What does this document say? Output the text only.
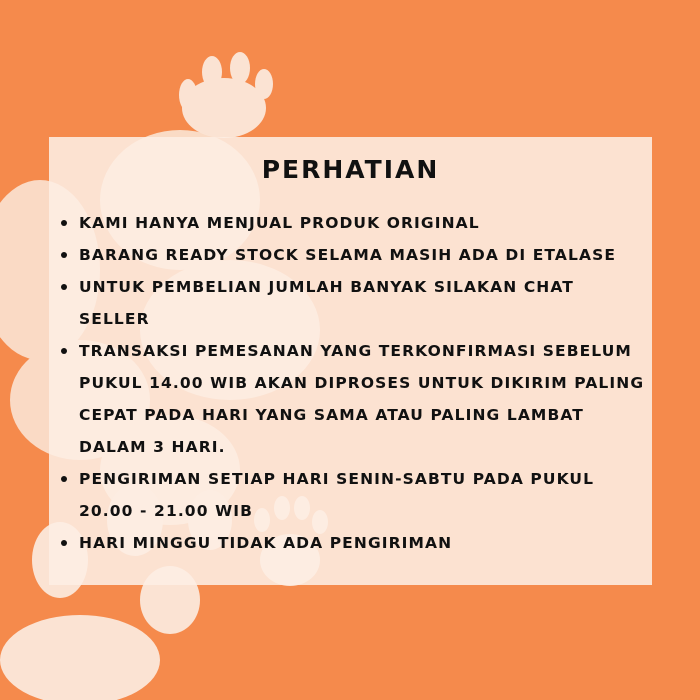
PERHATIAN
KAMI HANYA MENJUAL PRODUK ORIGINAL
BARANG READY STOCK SELAMA MASIH ADA DI ETALASE
UNTUK PEMBELIAN JUMLAH BANYAK SILAKAN CHAT SELLER
TRANSAKSI PEMESANAN YANG TERKONFIRMASI SEBELUM PUKUL 14.00 WIB AKAN DIPROSES UNTUK DIKIRIM PALING CEPAT PADA HARI YANG SAMA ATAU PALING LAMBAT DALAM 3 HARI.
PENGIRIMAN SETIAP HARI SENIN-SABTU PADA PUKUL 20.00 - 21.00 WIB
HARI MINGGU TIDAK ADA PENGIRIMAN
